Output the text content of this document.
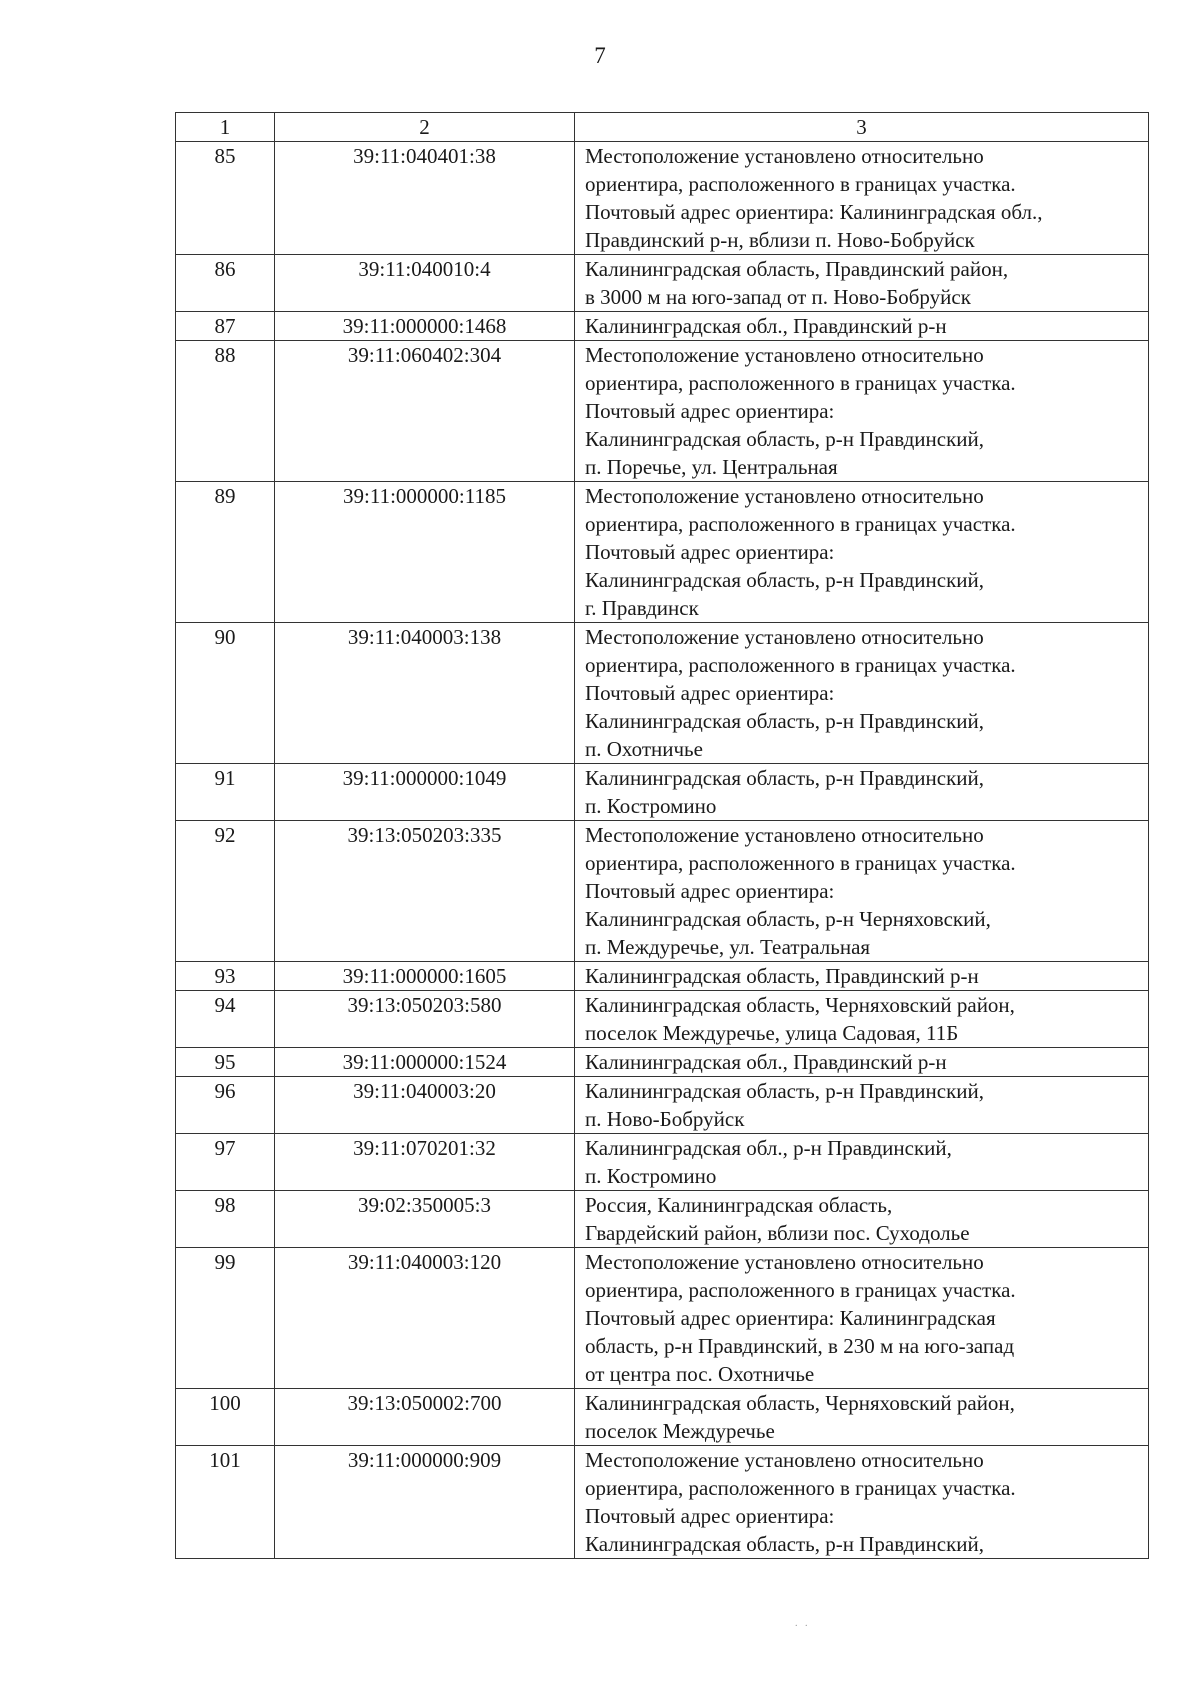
7
1	2	3
85	39:11:040401:38	Местоположение установлено относительно
ориентира, расположенного в границах участка.
Почтовый адрес ориентира: Калининградская обл.,
Правдинский р-н, вблизи п. Ново-Бобруйск

86	39:11:040010:4	Калининградская область, Правдинский район,
в 3000 м на юго-запад от п. Ново-Бобруйск

87	39:11:000000:1468	Калининградская обл., Правдинский р-н

88	39:11:060402:304	Местоположение установлено относительно
ориентира, расположенного в границах участка.
Почтовый адрес ориентира:
Калининградская область, р-н Правдинский,
п. Поречье, ул. Центральная

89	39:11:000000:1185	Местоположение установлено относительно
ориентира, расположенного в границах участка.
Почтовый адрес ориентира:
Калининградская область, р-н Правдинский,
г. Правдинск

90	39:11:040003:138	Местоположение установлено относительно
ориентира, расположенного в границах участка.
Почтовый адрес ориентира:
Калининградская область, р-н Правдинский,
п. Охотничье

91	39:11:000000:1049	Калининградская область, р-н Правдинский,
п. Костромино

92	39:13:050203:335	Местоположение установлено относительно
ориентира, расположенного в границах участка.
Почтовый адрес ориентира:
Калининградская область, р-н Черняховский,
п. Междуречье, ул. Театральная

93	39:11:000000:1605	Калининградская область, Правдинский р-н

94	39:13:050203:580	Калининградская область, Черняховский район,
поселок Междуречье, улица Садовая, 11Б

95	39:11:000000:1524	Калининградская обл., Правдинский р-н

96	39:11:040003:20	Калининградская область, р-н Правдинский,
п. Ново-Бобруйск

97	39:11:070201:32	Калининградская обл., р-н Правдинский,
п. Костромино

98	39:02:350005:3	Россия, Калининградская область,
Гвардейский район, вблизи пос. Суходолье

99	39:11:040003:120	Местоположение установлено относительно
ориентира, расположенного в границах участка.
Почтовый адрес ориентира: Калининградская
область, р-н Правдинский, в 230 м на юго-запад
от центра пос. Охотничье

100	39:13:050002:700	Калининградская область, Черняховский район,
поселок Междуречье

101	39:11:000000:909	Местоположение установлено относительно
ориентира, расположенного в границах участка.
Почтовый адрес ориентира:
Калининградская область, р-н Правдинский,
.   .
